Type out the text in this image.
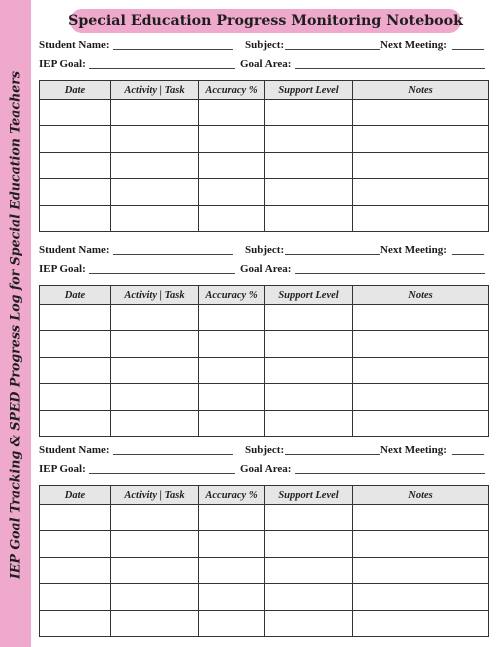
IEP Goal Tracking & SPED Progress Log for Special Education Teachers
Special Education Progress Monitoring Notebook
Student Name:	Subject:	Next Meeting:
IEP Goal:	Goal Area:
Date	Activity | Task	Accuracy %	Support Level	Notes

Student Name:	Subject:	Next Meeting:
IEP Goal:	Goal Area:
Date	Activity | Task	Accuracy %	Support Level	Notes

Student Name:	Subject:	Next Meeting:
IEP Goal:	Goal Area:
Date	Activity | Task	Accuracy %	Support Level	Notes
